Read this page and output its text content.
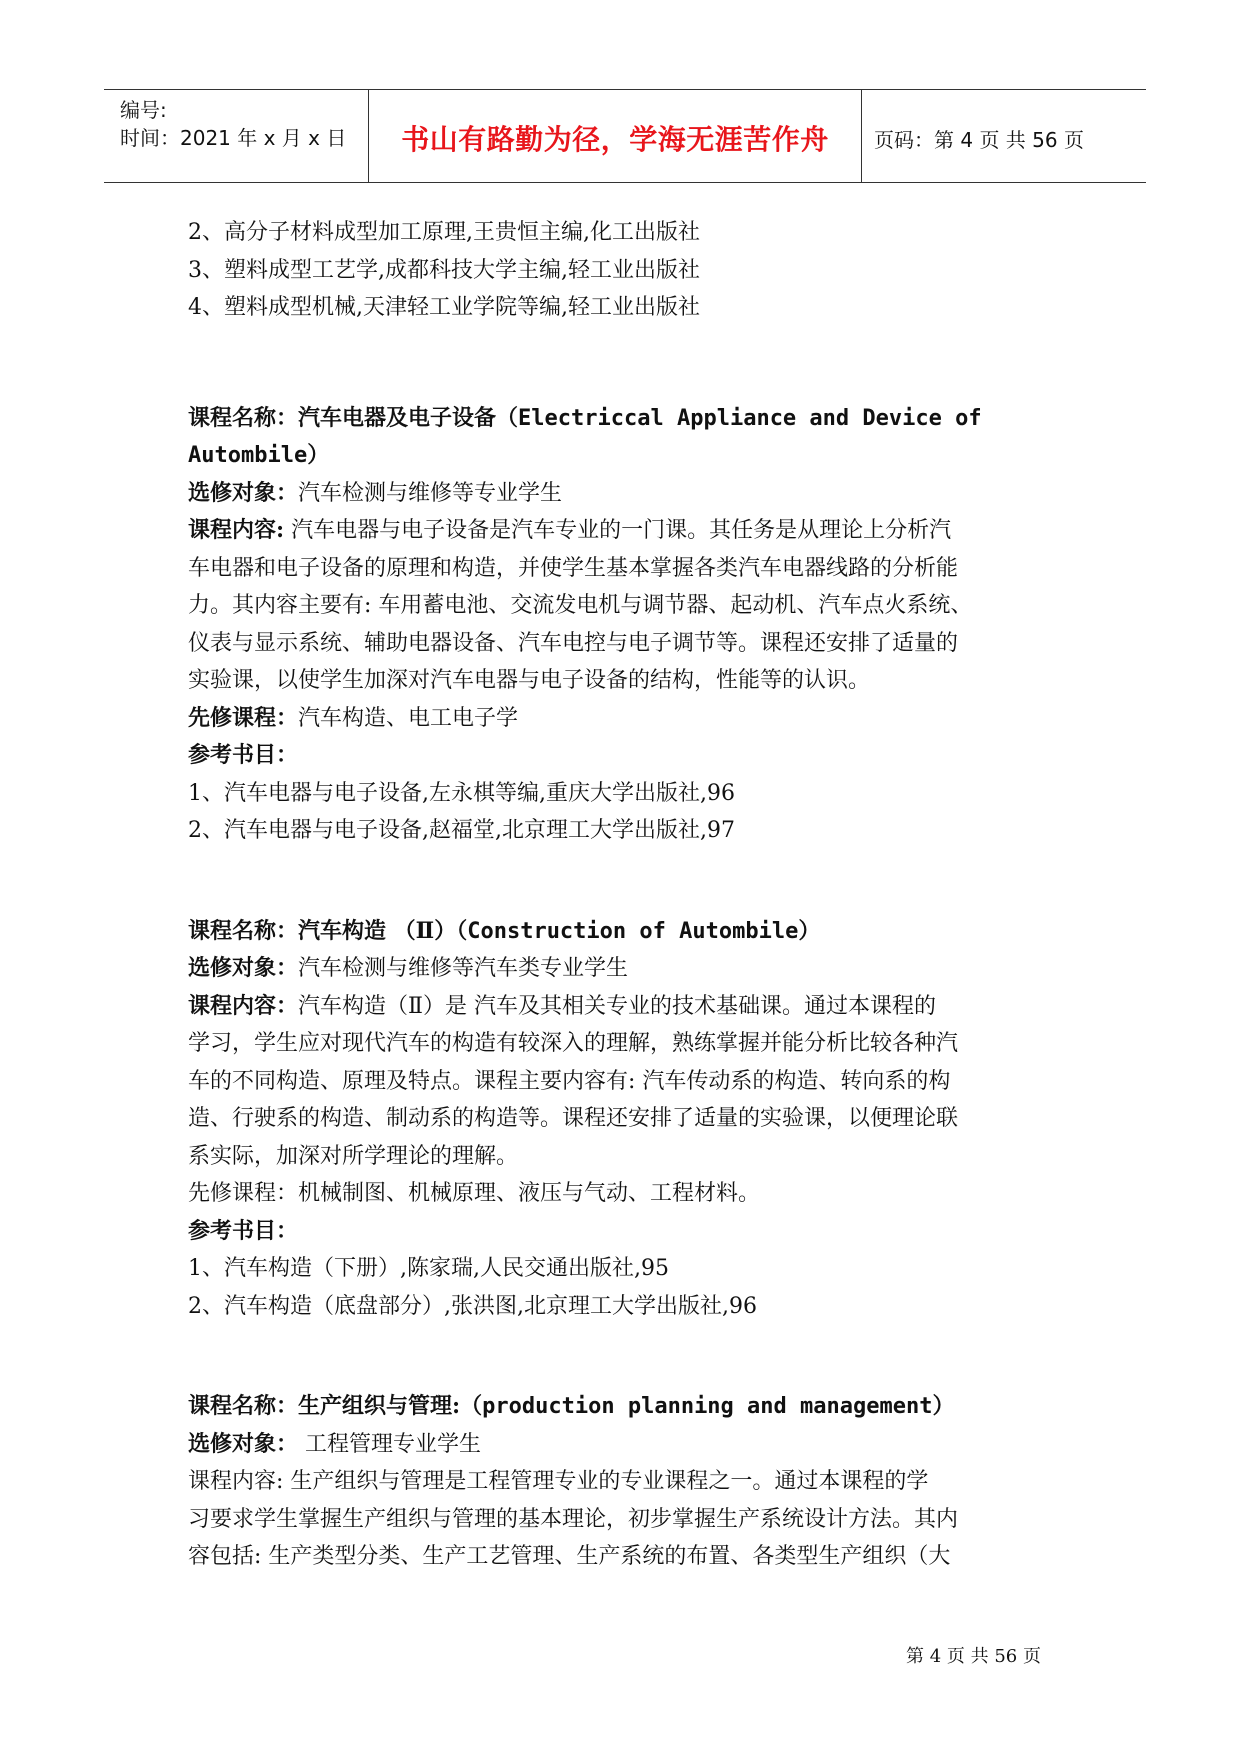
编号:
时间：2021 年 x 月 x 日	书山有路勤为径，学海无涯苦作舟	页码：第 4 页 共 56 页
2、高分子材料成型加工原理,王贵恒主编,化工出版社
3、塑料成型工艺学,成都科技大学主编,轻工业出版社
4、塑料成型机械,天津轻工业学院等编,轻工业出版社
课程名称：汽车电器及电子设备（Electriccal Appliance and Device of
Autombile）
选修对象：汽车检测与维修等专业学生
课程内容: 汽车电器与电子设备是汽车专业的一门课。其任务是从理论上分析汽
车电器和电子设备的原理和构造，并使学生基本掌握各类汽车电器线路的分析能
力。其内容主要有: 车用蓄电池、交流发电机与调节器、起动机、汽车点火系统、
仪表与显示系统、辅助电器设备、汽车电控与电子调节等。课程还安排了适量的
实验课，以使学生加深对汽车电器与电子设备的结构，性能等的认识。
先修课程：汽车构造、电工电子学
参考书目：
1、汽车电器与电子设备,左永棋等编,重庆大学出版社,96
2、汽车电器与电子设备,赵福堂,北京理工大学出版社,97
课程名称：汽车构造 （Ⅱ）（Construction of Autombile）
选修对象：汽车检测与维修等汽车类专业学生
课程内容：汽车构造（Ⅱ）是 汽车及其相关专业的技术基础课。通过本课程的
学习，学生应对现代汽车的构造有较深入的理解，熟练掌握并能分析比较各种汽
车的不同构造、原理及特点。课程主要内容有: 汽车传动系的构造、转向系的构
造、行驶系的构造、制动系的构造等。课程还安排了适量的实验课，以便理论联
系实际，加深对所学理论的理解。
先修课程：机械制图、机械原理、液压与气动、工程材料。
参考书目：
1、汽车构造（下册）,陈家瑞,人民交通出版社,95
2、汽车构造（底盘部分）,张洪图,北京理工大学出版社,96
课程名称：生产组织与管理:（production planning and management）
选修对象： 工程管理专业学生
课程内容: 生产组织与管理是工程管理专业的专业课程之一。通过本课程的学
习要求学生掌握生产组织与管理的基本理论，初步掌握生产系统设计方法。其内
容包括: 生产类型分类、生产工艺管理、生产系统的布置、各类型生产组织（大
第 4 页 共 56 页
